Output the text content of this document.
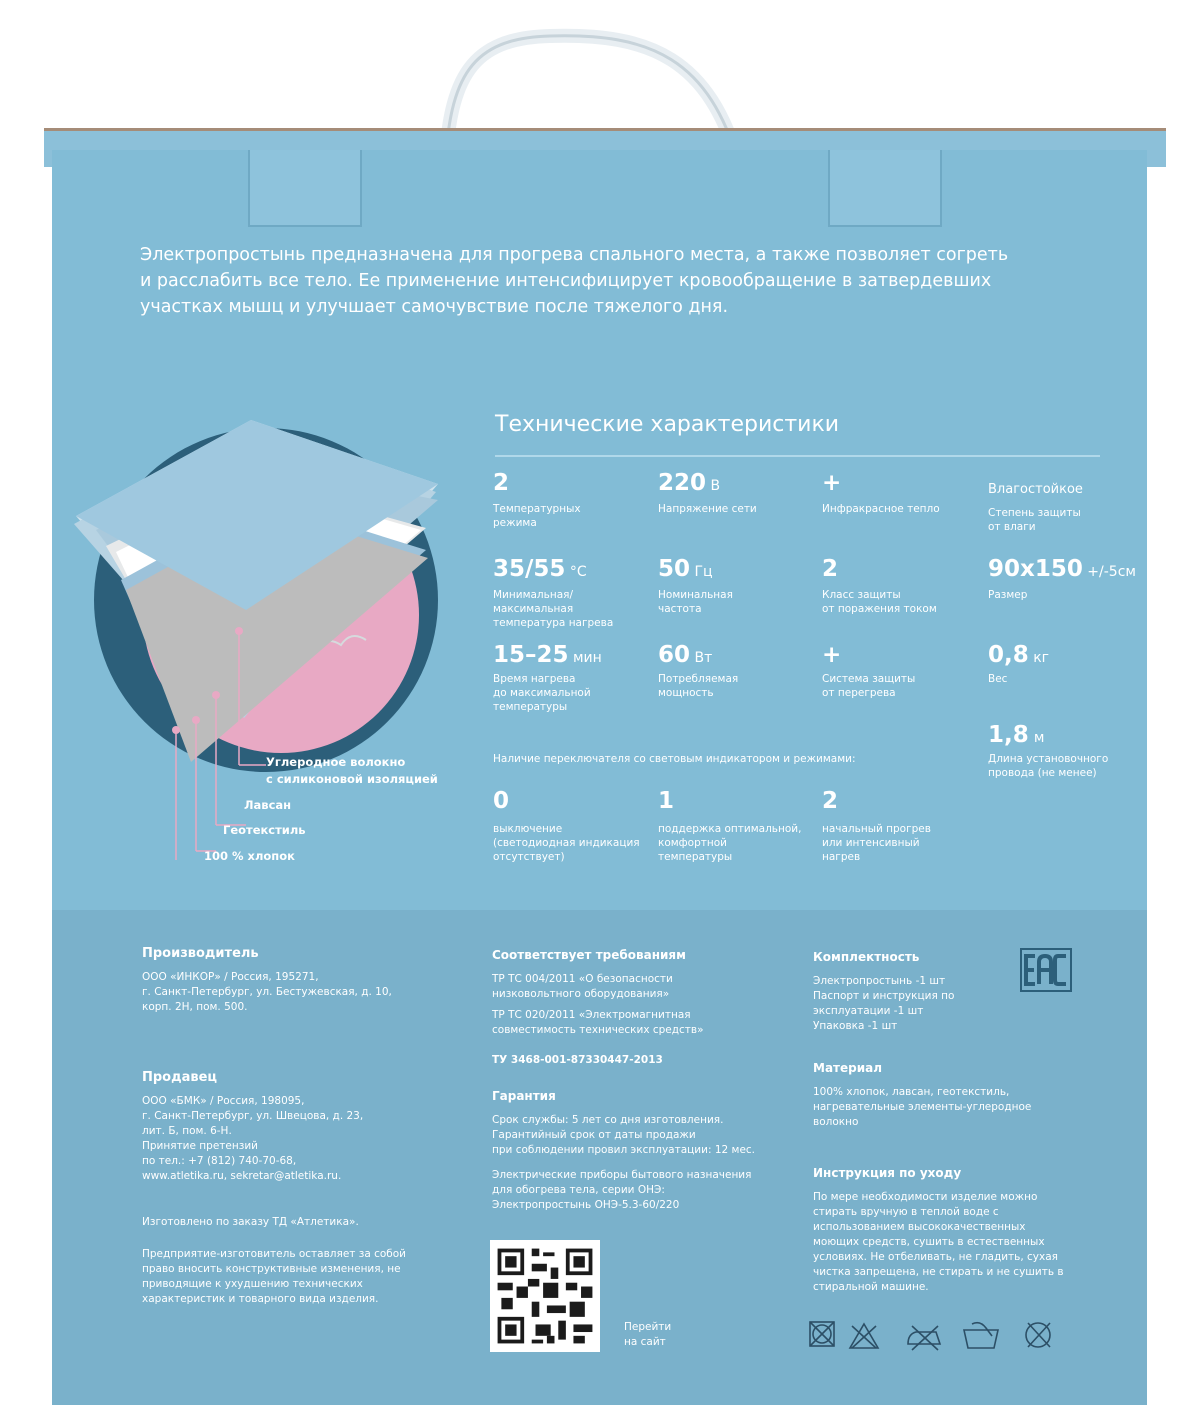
Электропростынь предназначена для прогрева спального места, а также позволяет согреть
и расслабить все тело. Ее применение интенсифицирует кровообращение в затвердевших
участках мышц и улучшает самочувствие после тяжелого дня.
Технические характеристики
2
Температурных
режима
220 В
Напряжение сети
+
Инфракрасное тепло
Влагостойкое
Степень защиты
от влаги
35/55 °С
Минимальная/
максимальная
температура нагрева
50 Гц
Номинальная
частота
2
Класс защиты
от поражения током
90x150 +/-5см
Размер
15–25 мин
Время нагрева
до максимальной
температуры
60 Вт
Потребляемая
мощность
+
Система защиты
от перегрева
0,8 кг
Вес
1,8 м
Длина установочного
провода (не менее)
Наличие переключателя со световым индикатором и режимами:
0
выключение
(светодиодная индикация
отсутствует)
1
поддержка оптимальной,
комфортной
температуры
2
начальный прогрев
или интенсивный
нагрев
Углеродное волокно
с силиконовой изоляцией
Лавсан
Геотекстиль
100 % хлопок
Производитель
ООО «ИНКОР» / Россия, 195271,
г. Санкт-Петербург, ул. Бестужевская, д. 10,
корп. 2Н, пом. 500.
Продавец
ООО «БМК» / Россия, 198095,
г. Санкт-Петербург, ул. Швецова, д. 23,
лит. Б, пом. 6-Н.
Принятие претензий
по тел.: +7 (812) 740-70-68,
www.atletika.ru, sekretar@atletika.ru.
Изготовлено по заказу ТД «Атлетика».
Предприятие-изготовитель оставляет за собой
право вносить конструктивные изменения, не
приводящие к ухудшению технических
характеристик и товарного вида изделия.
Соответствует требованиям
ТР ТС 004/2011 «О безопасности
низковольтного оборудования»
ТР ТС 020/2011 «Электромагнитная
совместимость технических средств»
ТУ 3468-001-87330447-2013
Гарантия
Срок службы: 5 лет со дня изготовления.
Гарантийный срок от даты продажи
при соблюдении провил эксплуатации: 12 мес.
Электрические приборы бытового назначения
для обогрева тела, серии ОНЭ:
Электропростынь ОНЭ-5.3-60/220
Перейти
на сайт
Комплектность
Электропростынь -1 шт
Паспорт и инструкция по
эксплуатации -1 шт
Упаковка -1 шт
Материал
100% хлопок, лавсан, геотекстиль,
нагревательные элементы-углеродное
волокно
Инструкция по уходу
По мере необходимости изделие можно
стирать вручную в теплой воде с
использованием высококачественных
моющих средств, сушить в естественных
условиях. Не отбеливать, не гладить, сухая
чистка запрещена, не стирать и не сушить в
стиральной машине.
